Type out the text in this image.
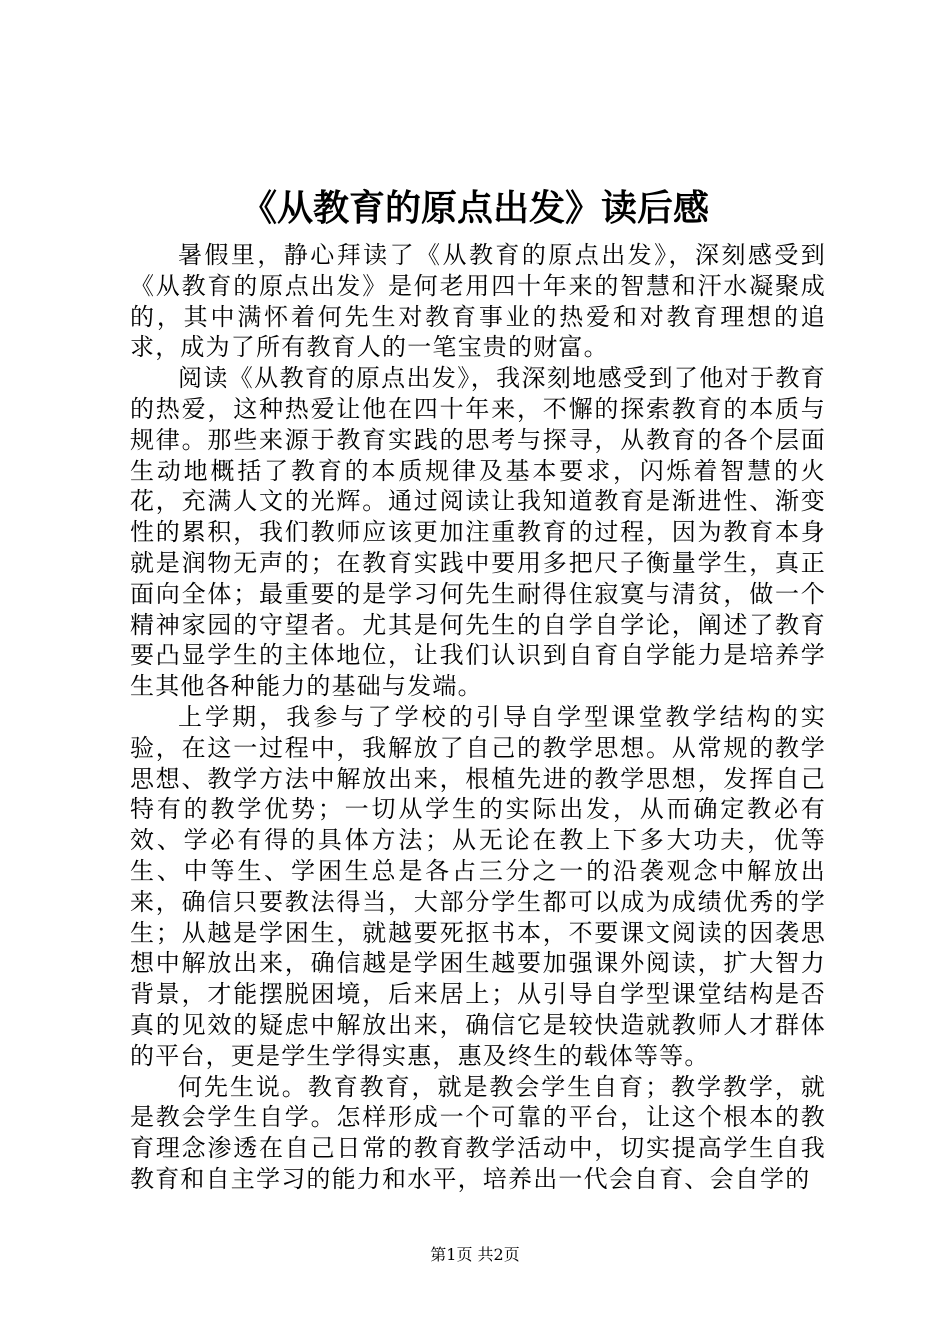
《从教育的原点出发》读后感

暑假里，静心拜读了《从教育的原点出发》，深刻感受到《从教育的原点出发》是何老用四十年来的智慧和汗水凝聚成的，其中满怀着何先生对教育事业的热爱和对教育理想的追求，成为了所有教育人的一笔宝贵的财富。

阅读《从教育的原点出发》，我深刻地感受到了他对于教育的热爱，这种热爱让他在四十年来，不懈的探索教育的本质与规律。那些来源于教育实践的思考与探寻，从教育的各个层面生动地概括了教育的本质规律及基本要求，闪烁着智慧的火花，充满人文的光辉。通过阅读让我知道教育是渐进性、渐变性的累积，我们教师应该更加注重教育的过程，因为教育本身就是润物无声的；在教育实践中要用多把尺子衡量学生，真正面向全体；最重要的是学习何先生耐得住寂寞与清贫，做一个精神家园的守望者。尤其是何先生的自学自学论，阐述了教育要凸显学生的主体地位，让我们认识到自育自学能力是培养学生其他各种能力的基础与发端。

上学期，我参与了学校的引导自学型课堂教学结构的实验，在这一过程中，我解放了自己的教学思想。从常规的教学思想、教学方法中解放出来，根植先进的教学思想，发挥自己特有的教学优势；一切从学生的实际出发，从而确定教必有效、学必有得的具体方法；从无论在教上下多大功夫，优等生、中等生、学困生总是各占三分之一的沿袭观念中解放出来，确信只要教法得当，大部分学生都可以成为成绩优秀的学生；从越是学困生，就越要死抠书本，不要课文阅读的因袭思想中解放出来，确信越是学困生越要加强课外阅读，扩大智力背景，才能摆脱困境，后来居上；从引导自学型课堂结构是否真的见效的疑虑中解放出来，确信它是较快造就教师人才群体的平台，更是学生学得实惠，惠及终生的载体等等。

何先生说。教育教育，就是教会学生自育；教学教学，就是教会学生自学。怎样形成一个可靠的平台，让这个根本的教育理念渗透在自己日常的教育教学活动中，切实提高学生自我教育和自主学习的能力和水平，培养出一代会自育、会自学的

第1页 共2页
